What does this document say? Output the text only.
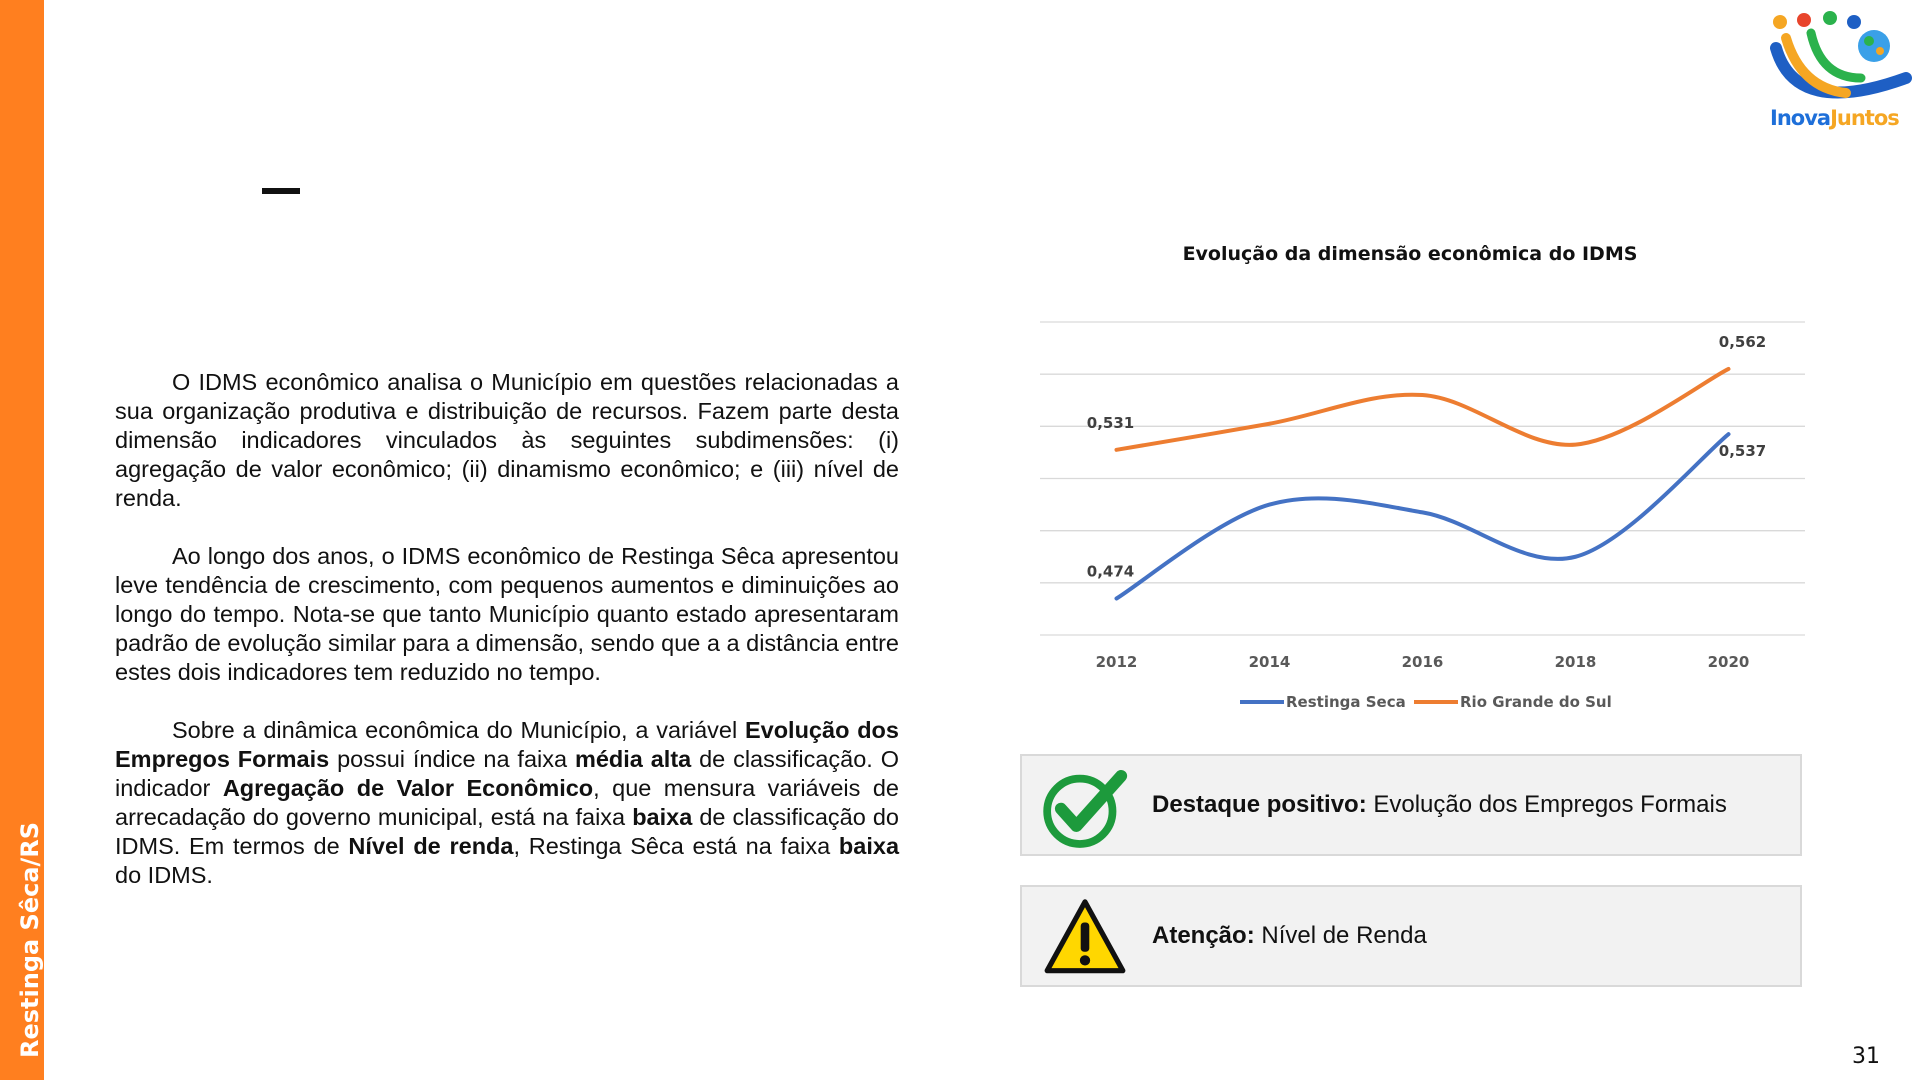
Restinga Sêca/RS

O IDMS econômico analisa o Município em questões relacionadas a sua organização produtiva e distribuição de recursos. Fazem parte desta dimensão indicadores vinculados às seguintes subdimensões: (i) agregação de valor econômico; (ii) dinamismo econômico; e (iii) nível de renda.

Ao longo dos anos, o IDMS econômico de Restinga Sêca apresentou leve tendência de crescimento, com pequenos aumentos e diminuições ao longo do tempo. Nota-se que tanto Município quanto estado apresentaram padrão de evolução similar para a dimensão, sendo que a a distância entre estes dois indicadores tem reduzido no tempo.

Sobre a dinâmica econômica do Município, a variável Evolução dos Empregos Formais possui índice na faixa média alta de classificação. O indicador Agregação de Valor Econômico, que mensura variáveis de arrecadação do governo municipal, está na faixa baixa de classificação do IDMS. Em termos de Nível de renda, Restinga Sêca está na faixa baixa do IDMS.

Evolução da dimensão econômica do IDMS
2012	2014	2016	2018	2020
0,474
0,537
0,531
0,562
Restinga Seca	Rio Grande do Sul
Destaque positivo: Evolução dos Empregos Formais
Atenção: Nível de Renda
InovaJuntos
31
